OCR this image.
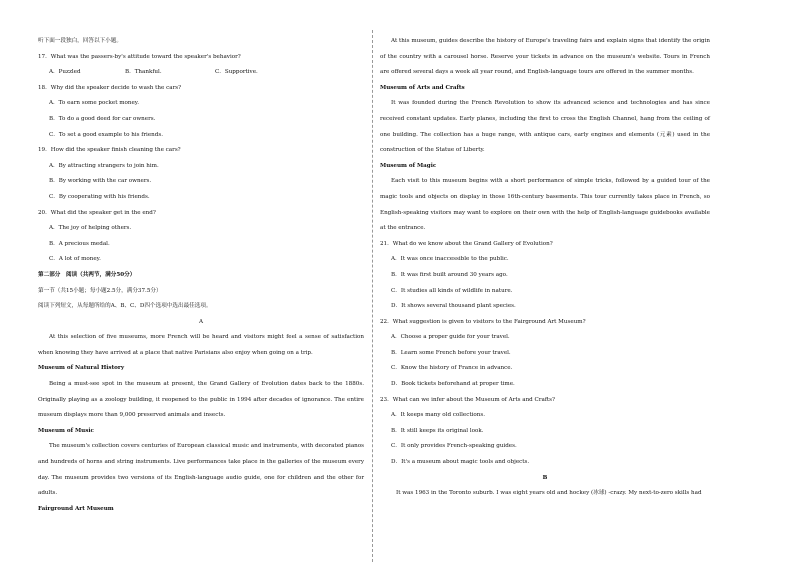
听下面一段独白，回答以下小题。
17．What was the passers-by's attitude toward the speaker's behavior?
A．Puzzled	B．Thankful.	C．Supportive.
18．Why did the speaker decide to wash the cars?
A．To earn some pocket money.
B．To do a good deed for car owners.
C．To set a good example to his friends.
19．How did the speaker finish cleaning the cars?
A．By attracting strangers to join him.
B．By working with the car owners.
C．By cooperating with his friends.
20．What did the speaker get in the end?
A．The joy of helping others.
B．A precious medal.
C．A lot of money.
第二部分　阅读（共两节，满分50分）
第一节（共15小题；每小题2.5分，满分37.5分）
阅读下列短文，从每题所给的A、B、C、D四个选项中选出最佳选项。
A
At this selection of five museums, more French will be heard and visitors might feel a sense of satisfaction when knowing they have arrived at a place that native Parisians also enjoy when going on a trip.
Museum of Natural History
Being a must-see spot in the museum at present, the Grand Gallery of Evolution dates back to the 1880s. Originally playing as a zoology building, it reopened to the public in 1994 after decades of ignorance. The entire museum displays more than 9,000 preserved animals and insects.
Museum of Music
The museum's collection covers centuries of European classical music and instruments, with decorated pianos and hundreds of horns and string instruments. Live performances take place in the galleries of the museum every day. The museum provides two versions of its English-language audio guide, one for children and the other for adults.
Fairground Art Museum
At this museum, guides describe the history of Europe's traveling fairs and explain signs that identify the origin of the country with a carousel horse. Reserve your tickets in advance on the museum's website. Tours in French are offered several days a week all year round, and English-language tours are offered in the summer months.
Museum of Arts and Crafts
It was founded during the French Revolution to show its advanced science and technologies and has since received constant updates. Early planes, including the first to cross the English Channel, hang from the ceiling of one building. The collection has a huge range, with antique cars, early engines and elements (元素) used in the construction of the Statue of Liberty.
Museum of Magic
Each visit to this museum begins with a short performance of simple tricks, followed by a guided tour of the magic tools and objects on display in those 16th-century basements. This tour currently takes place in French, so English-speaking visitors may want to explore on their own with the help of English-language guidebooks available at the entrance.
21．What do we know about the Grand Gallery of Evolution?
A．It was once inaccessible to the public.
B．It was first built around 30 years ago.
C．It studies all kinds of wildlife in nature.
D．It shows several thousand plant species.
22．What suggestion is given to visitors to the Fairground Art Museum?
A．Choose a proper guide for your travel.
B．Learn some French before your travel.
C．Know the history of France in advance.
D．Book tickets beforehand at proper time.
23．What can we infer about the Museum of Arts and Crafts?
A．It keeps many old collections.
B．It still keeps its original look.
C．It only provides French-speaking guides.
D．It's a museum about magic tools and objects.
B
It was 1963 in the Toronto suburb. I was eight years old and hockey (冰球) -crazy. My next-to-zero skills had
